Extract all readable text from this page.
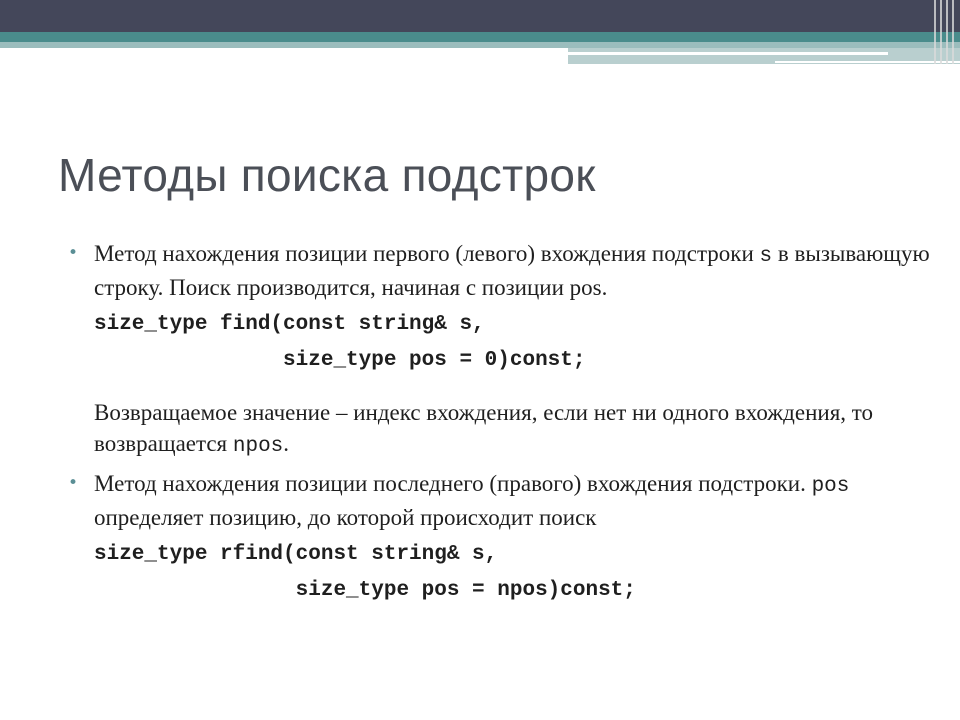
Методы поиска подстрок
• Метод нахождения позиции первого (левого) вхождения подстроки s в вызывающую строку. Поиск производится, начиная с позиции pos.
size_type find(const string& s,
size_type pos = 0)const;
Возвращаемое значение – индекс вхождения, если нет ни одного вхождения, то возвращается npos.
• Метод нахождения позиции последнего (правого) вхождения подстроки. pos определяет позицию, до которой происходит поиск
size_type rfind(const string& s,
size_type pos = npos)const;
